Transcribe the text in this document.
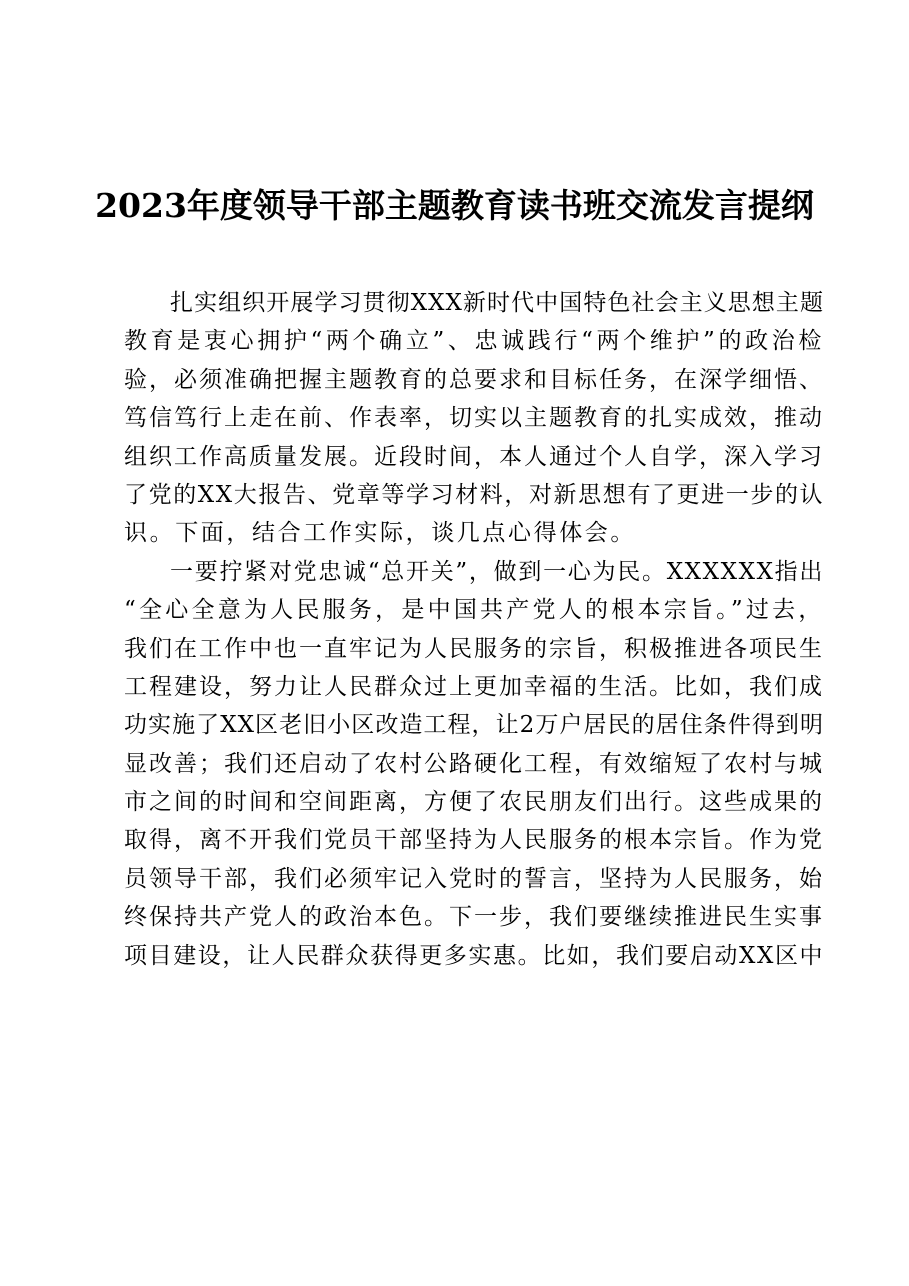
2023年度领导干部主题教育读书班交流发言提纲
扎实组织开展学习贯彻XXX新时代中国特色社会主义思想主题
教育是衷心拥护“两个确立”、忠诚践行“两个维护”的政治检
验，必须准确把握主题教育的总要求和目标任务，在深学细悟、
笃信笃行上走在前、作表率，切实以主题教育的扎实成效，推动
组织工作高质量发展。近段时间，本人通过个人自学，深入学习
了党的XX大报告、党章等学习材料，对新思想有了更进一步的认
识。下面，结合工作实际，谈几点心得体会。
一要拧紧对党忠诚“总开关”，做到一心为民。XXXXXX指出
“全心全意为人民服务，是中国共产党人的根本宗旨。”过去，
我们在工作中也一直牢记为人民服务的宗旨，积极推进各项民生
工程建设，努力让人民群众过上更加幸福的生活。比如，我们成
功实施了XX区老旧小区改造工程，让2万户居民的居住条件得到明
显改善；我们还启动了农村公路硬化工程，有效缩短了农村与城
市之间的时间和空间距离，方便了农民朋友们出行。这些成果的
取得，离不开我们党员干部坚持为人民服务的根本宗旨。作为党
员领导干部，我们必须牢记入党时的誓言，坚持为人民服务，始
终保持共产党人的政治本色。下一步，我们要继续推进民生实事
项目建设，让人民群众获得更多实惠。比如，我们要启动XX区中
